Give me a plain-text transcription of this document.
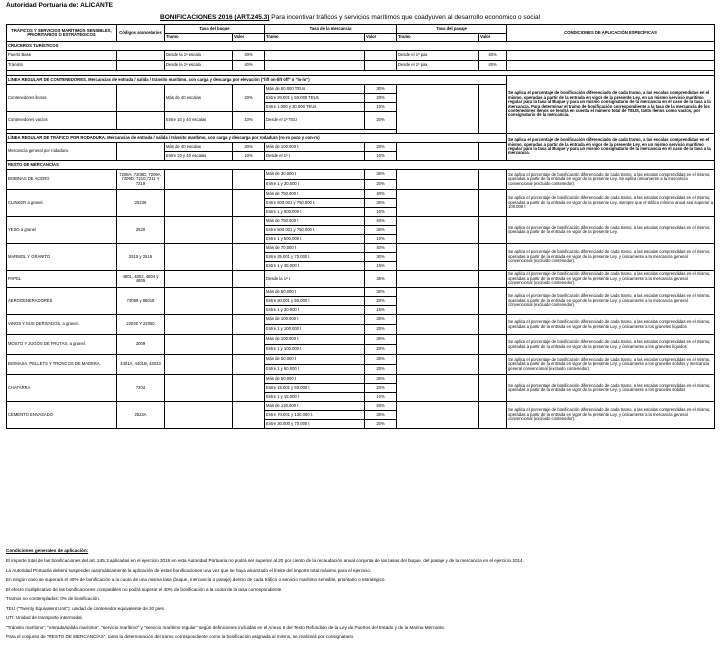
Autoridad Portuaria de: ALICANTE
BONIFICACIONES 2016 (ART.245.3) Para incentivar tráficos y servicios marítimos que coadyuven al desarrollo económico o social
TRÁFICOS Y SERVICIOS MARÍTIMOS SENSIBLES, PRIORITARIOS O ESTRATÉGICOS	Códigos arancelarios	Tasa del buque		Tasa de la mercancía		Tasa del pasaje		CONDICIONES DE APLICACIÓN ESPECÍFICAS
		Tramo	Valor	Tramo	Valor	Tramo	Valor	
CRUCEROS TURÍSTICOS								
Puerto Base		Desde la 1ª escala	40%			Desde el 1º pax	40%	
Tránsito		Desde la 1ª escala	40%			Desde el 1º pax	40%	

LÍNEA REGULAR DE CONTENEDORES. Mercancías de entrada / salida / tránsito marítimo, con carga y descarga por elevación ("lift on-lift off" o "lo-lo")								Se aplica el porcentaje de bonificación diferenciado de cada tramo, a las escalas comprendidas en el mismo, operadas a partir de la entrada en vigor de la presente Ley, en un mismo servicio marítimo regular para la tasa al Buque y para un mismo consignatario de la mercancía en el caso de la tasa a la mercancía. Para determinar el tramo de bonificación correspondiente a la tasa de la mercancía de los contenedores llenos se tendrá en cuenta el número total de TEUS, tanto llenos como vacíos, por consignatario de la mercancía.
Contenedores llenos		Más de 40 escalas	20%	Más de 50.000 TEUs	30%			
				Entre 20.001 y 50.000 TEUs	20%			
				Entre 1.000 y 20.000 TEUs	10%			
Contenedores vacíos		Entre 10 y 40 escalas	10%	Desde el 1º TEU	20%			

LÍNEA REGULAR DE TRÁFICO POR RODADURA. Mercancías de entrada / salida / tránsito marítimo, con carga y descarga por rodadura (ro-ro puro y con-ro)								Se aplica el porcentaje de bonificación diferenciado de cada tramo, a las escalas comprendidas en el mismo, operadas a partir de la entrada en vigor de la presente Ley, en un mismo servicio marítimo regular para la tasa al Buque y para un mismo consignatario de la mercancía en el caso de la tasa a la mercancía.
Mercancía general por rodadura		Más de 40 escalas	20%	Más de 100.000 t	20%			
		Entre 10 y 40 escalas	10%	Desde el 1º t	10%			
RESTO DE MERCANCÍAS								
BOBINAS DE ACERO	7208A, 7208D, 7209A, 7209D, 7210,7211 Y 7219			Más de 30.000 t	30%			Se aplica el porcentaje de bonificación diferenciado de cada tramo, a las escalas comprendidas en el mismo, operadas a partir de la entrada en vigor de la presente Ley. Se aplica únicamente a la mercancía convencional (excluido contenedor).
				Entre 1 y 30.000 t	20%			
CLINKER a granel.	25239			Más de 750.000 t	40%			Se aplica el porcentaje de bonificación diferenciado de cada tramo, a las escalas comprendidas en el mismo, operadas a partir de la entrada en vigor de la presente Ley, siempre que el tráfico mínimo anual sea superior a 100.000 t
				Entre 500.001 y 750.000 t.	30%			
				Entre 1 y 500.000 t	10%			
YESO a granel	2520			Más de 750.000 t	40%			Se aplica el porcentaje de bonificación diferenciado de cada tramo, a las escalas comprendidas en el mismo, operadas a partir de la entrada en vigor de la presente Ley.
				Entre 500.001 y 750.000 t.	30%			
				Entre 1 y 500.000 t	10%			
MARMOL Y GRANITO	2515 y 2516			Más de 70.000 t	40%			Se aplica el porcentaje de bonificación diferenciado de cada tramo, a las escalas comprendidas en el mismo, operadas a partir de la entrada en vigor de la presente Ley, y únicamente a la mercancía general convencional (excluido contenedor).
				Entre 35.001 y 70.000 t	30%			
				Entre 1 y 35.000 t	15%			
PAPEL	4801, 4802, 4804 y 4805			Desde la 1ª t	35%			Se aplica el porcentaje de bonificación diferenciado de cada tramo, a las escalas comprendidas en el mismo, operadas a partir de la entrada en vigor de la presente Ley, y únicamente a la mercancía general convencional (excluido contenedor).
AEROGENERADORES	73089 y 85015			Más de 50.000 t	30%			Se aplica el porcentaje de bonificación diferenciado de cada tramo, a las escalas comprendidas en el mismo, operadas a partir de la entrada en vigor de la presente Ley, y únicamente a la mercancía general convencional (excluido contenedor).
				Entre 30.001 y 50.000 t	20%			
				Entre 1 y 30.000 t	15%			
VINOS Y SUS DERIVADOS, a granel.	22045 Y 22050			Más de 100.000 t	30%			Se aplica el porcentaje de bonificación diferenciado de cada tramo, a las escalas comprendidas en el mismo, operadas a partir de la entrada en vigor de la presente Ley, y únicamente a los graneles líquidos
				Entre 1 y 100.000 t	20%			
MOSTO Y JUGOS DE FRUTAS, a granel.	2009			Más de 100.000 t	30%			Se aplica el porcentaje de bonificación diferenciado de cada tramo, a las escalas comprendidas en el mismo, operadas a partir de la entrada en vigor de la presente Ley, y únicamente a los graneles líquidos
				Entre 1 y 100.000 t	20%			
BIOMASA, PELLETS Y TRONCOS DE MADERA	4401A, 4401B, 44033			Más de 50.000 t	30%			Se aplica el porcentaje de bonificación diferenciado de cada tramo, a las escalas comprendidas en el mismo, operadas a partir de la entrada en vigor de la presente Ley, y únicamente a los graneles sólidos y mercancía general convencional (excluido contenedor).
				Entre 1 y 50.000 t	20%			
CHATARRA	7204			Más de 50.000 t	30%			Se aplica el porcentaje de bonificación diferenciado de cada tramo, a las escalas comprendidas en el mismo, operadas a partir de la entrada en vigor de la presente Ley, y únicamente a los graneles sólidos
				Entre 15.001 y 50.000 t	20%			
				Entre 1 y 15.000 t	10%			
CEMENTO ENVASADO	2523A			Más de 130.000 t	40%			Se aplica el porcentaje de bonificación diferenciado de cada tramo, a las escalas comprendidas en el mismo, operadas a partir de la entrada en vigor de la presente Ley, y únicamente a la mercancía general convencional (excluido contenedor).
				Entre 70.001 y 130.000 t.	30%			
				Entre 30.000 y 70.000 t	20%			

Condiciones generales de aplicación:

El importe total de las bonificaciones del art. 245.3 aplicadas en el ejercicio 2016 en esta Autoridad Portuaria no podrá ser superior al 20 por ciento de la recaudación anual conjunta de las tasas del buque, del pasaje y de la mercancía en el ejercicio 2014.

La Autoridad Portuaria deberá suspender automáticamente la aplicación de estas bonificaciones una vez que se haya alcanzado el límite del importe total máximo para el ejercicio.

En ningún caso se superará el 40% de bonificación a la cuota de una misma tasa (buque, mercancía o pasaje) dentro de cada tráfico o servicio marítimo sensible, prioritario o estratégico.

El efecto multiplicativo de las bonificaciones compatibles no podrá superar el 40% de bonificación a la cuota de la tasa correspondiente.

Tramos no contemplados: 0% de bonificación.

TEU ("Twenty Equivalent Unit"): unidad de contenedor equivalente de 20 pies.

UTI: Unidad de transporte intermodal.

"Tránsito marítimo", "entrada/salida marítima", "servicio marítimo" y "servicio marítimo regular" según definiciones incluidas en el Anexo II del Texto Refundido de la Ley de Puertos del Estado y de la Marina Mercante.

Para el conjunto de "RESTO DE MERCANCÍAS", tanto la determinación del tramo correspondiente como la bonificación asignada al mismo, se realizará por consignatario.
